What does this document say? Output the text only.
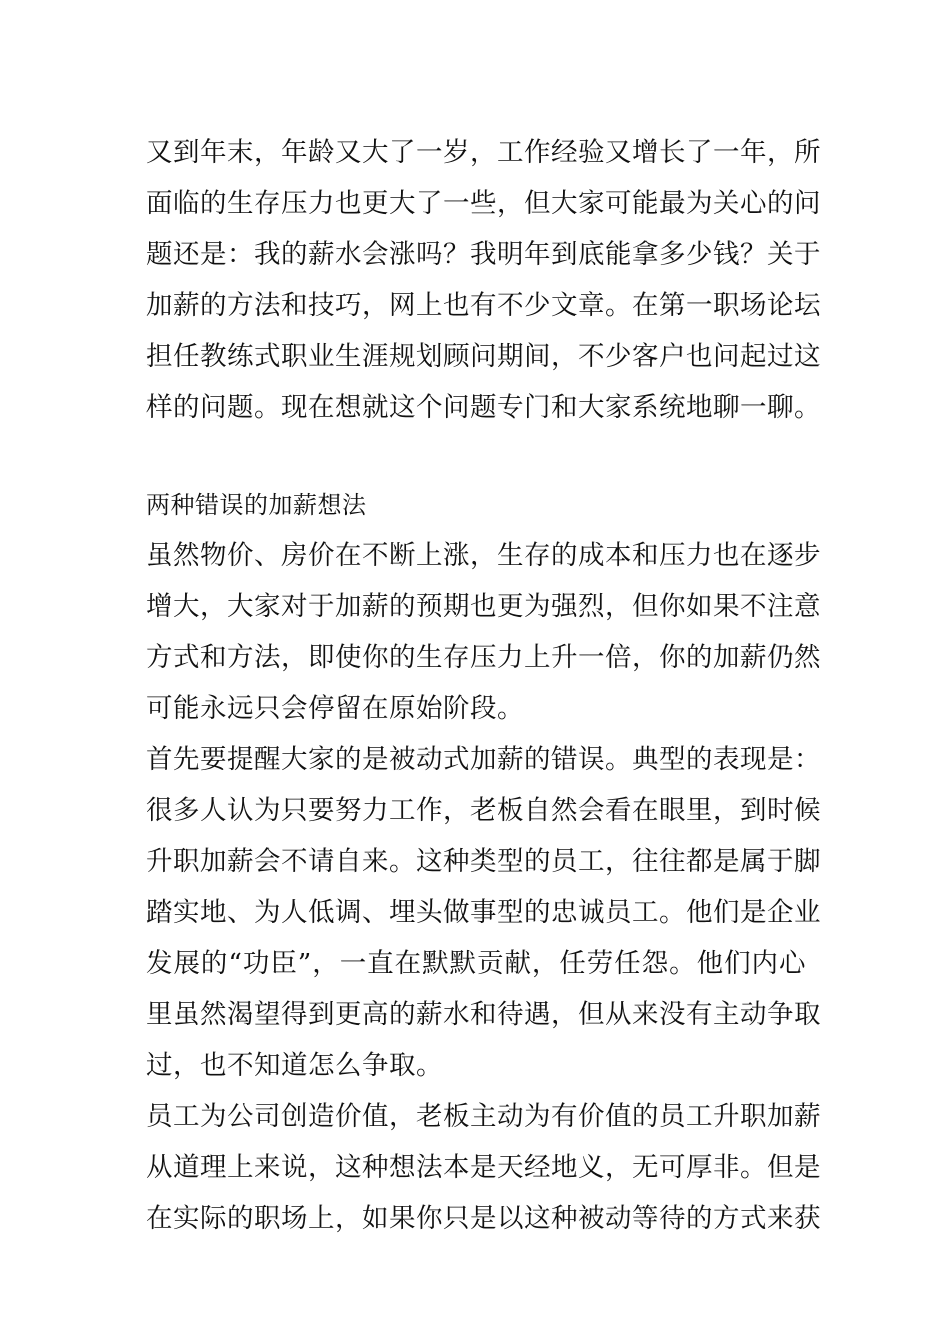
又到年末，年龄又大了一岁，工作经验又增长了一年，所
面临的生存压力也更大了一些，但大家可能最为关心的问
题还是：我的薪水会涨吗？我明年到底能拿多少钱？关于
加薪的方法和技巧，网上也有不少文章。在第一职场论坛
担任教练式职业生涯规划顾问期间，不少客户也问起过这
样的问题。现在想就这个问题专门和大家系统地聊一聊。
两种错误的加薪想法
虽然物价、房价在不断上涨，生存的成本和压力也在逐步
增大，大家对于加薪的预期也更为强烈，但你如果不注意
方式和方法，即使你的生存压力上升一倍，你的加薪仍然
可能永远只会停留在原始阶段。
首先要提醒大家的是被动式加薪的错误。典型的表现是：
很多人认为只要努力工作，老板自然会看在眼里，到时候
升职加薪会不请自来。这种类型的员工，往往都是属于脚
踏实地、为人低调、埋头做事型的忠诚员工。他们是企业
发展的“功臣”，一直在默默贡献，任劳任怨。他们内心
里虽然渴望得到更高的薪水和待遇，但从来没有主动争取
过，也不知道怎么争取。
员工为公司创造价值，老板主动为有价值的员工升职加薪
从道理上来说，这种想法本是天经地义，无可厚非。但是
在实际的职场上，如果你只是以这种被动等待的方式来获
